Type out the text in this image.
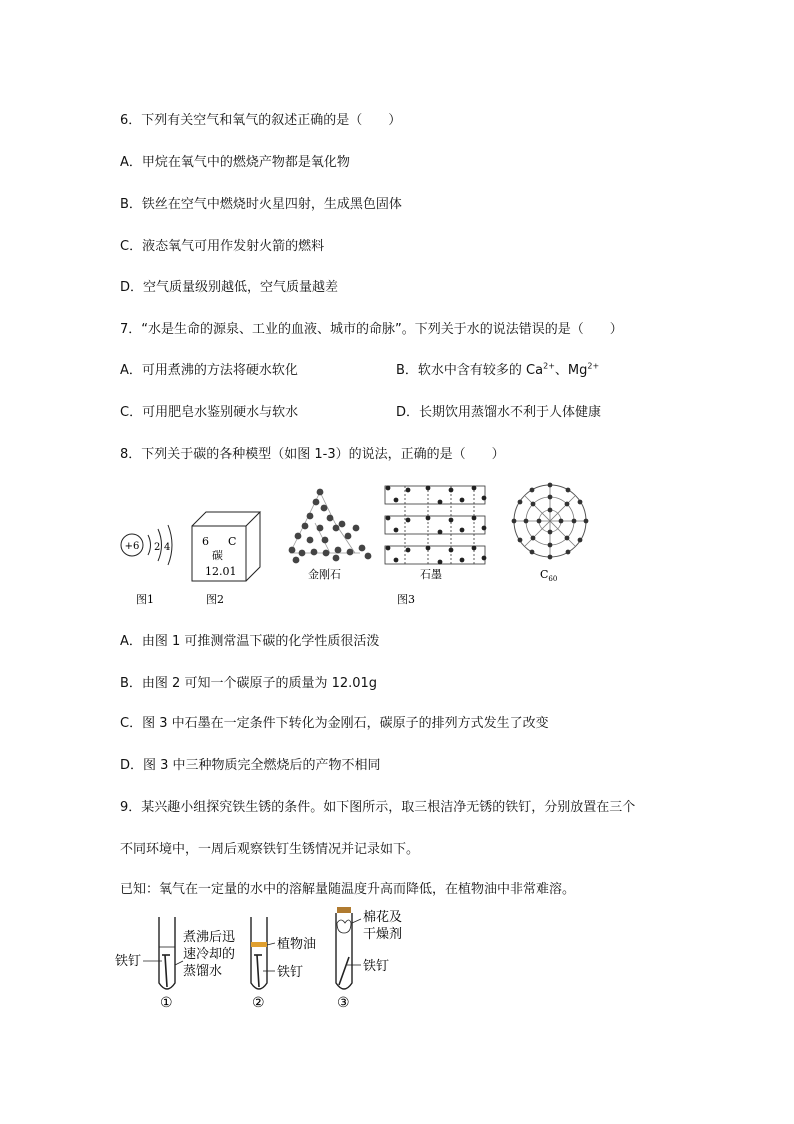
6．下列有关空气和氧气的叙述正确的是（　　）
A．甲烷在氧气中的燃烧产物都是氧化物
B．铁丝在空气中燃烧时火星四射，生成黑色固体
C．液态氧气可用作发射火箭的燃料
D．空气质量级别越低，空气质量越差
7．“水是生命的源泉、工业的血液、城市的命脉”。下列关于水的说法错误的是（　　）
A．可用煮沸的方法将硬水软化	B．软水中含有较多的 $Ca^{2+}$、$Mg^{2+}$
C．可用肥皂水鉴别硬水与软水	D．长期饮用蒸馏水不利于人体健康
8．下列关于碳的各种模型（如图 1-3）的说法，正确的是（　　）
+6 2 4
图1
6 C
碳
12.01
图2
金刚石	石墨
图3
$C_{60}$
A．由图 1 可推测常温下碳的化学性质很活泼
B．由图 2 可知一个碳原子的质量为 12.01g
C．图 3 中石墨在一定条件下转化为金刚石，碳原子的排列方式发生了改变
D．图 3 中三种物质完全燃烧后的产物不相同
9．某兴趣小组探究铁生锈的条件。如下图所示，取三根洁净无锈的铁钉，分别放置在三个
不同环境中，一周后观察铁钉生锈情况并记录如下。
已知：氧气在一定量的水中的溶解量随温度升高而降低，在植物油中非常难溶。
铁钉
煮沸后迅
速冷却的
蒸馏水
①
植物油
铁钉
②
棉花及
干燥剂
铁钉
③
